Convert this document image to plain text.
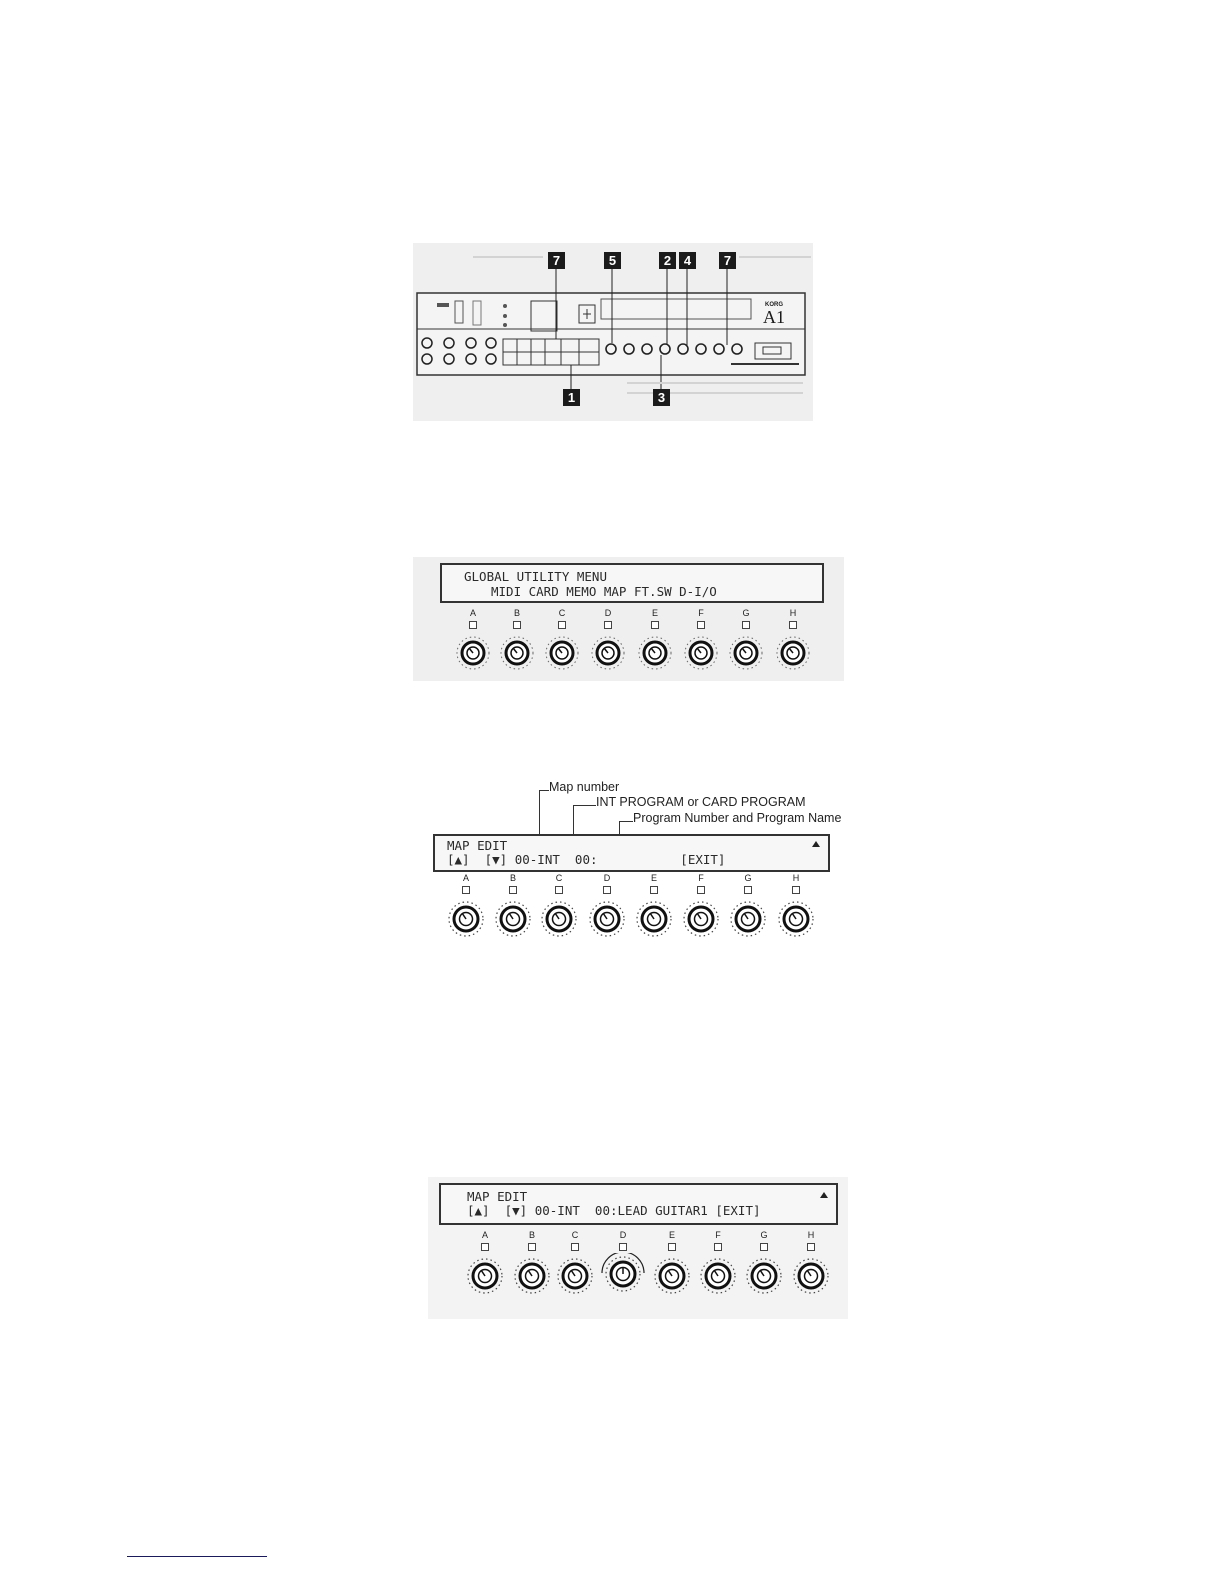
7	5	2 4	7
1	3
KORG
A1

GLOBAL UTILITY MENU

MIDI CARD MEMO MAP FT.SW D-I/O

A	B	C	D	E	F	G	H
Map number
INT PROGRAM or CARD PROGRAM
Program Number and Program Name

MAP EDIT

[▲]  [▼] 00-INT  00:           [EXIT]

A	B	C	D	E	F	G	H

MAP EDIT

[▲]  [▼] 00-INT  00:LEAD GUITAR1 [EXIT]

A	B	C	D	E	F	G	H
